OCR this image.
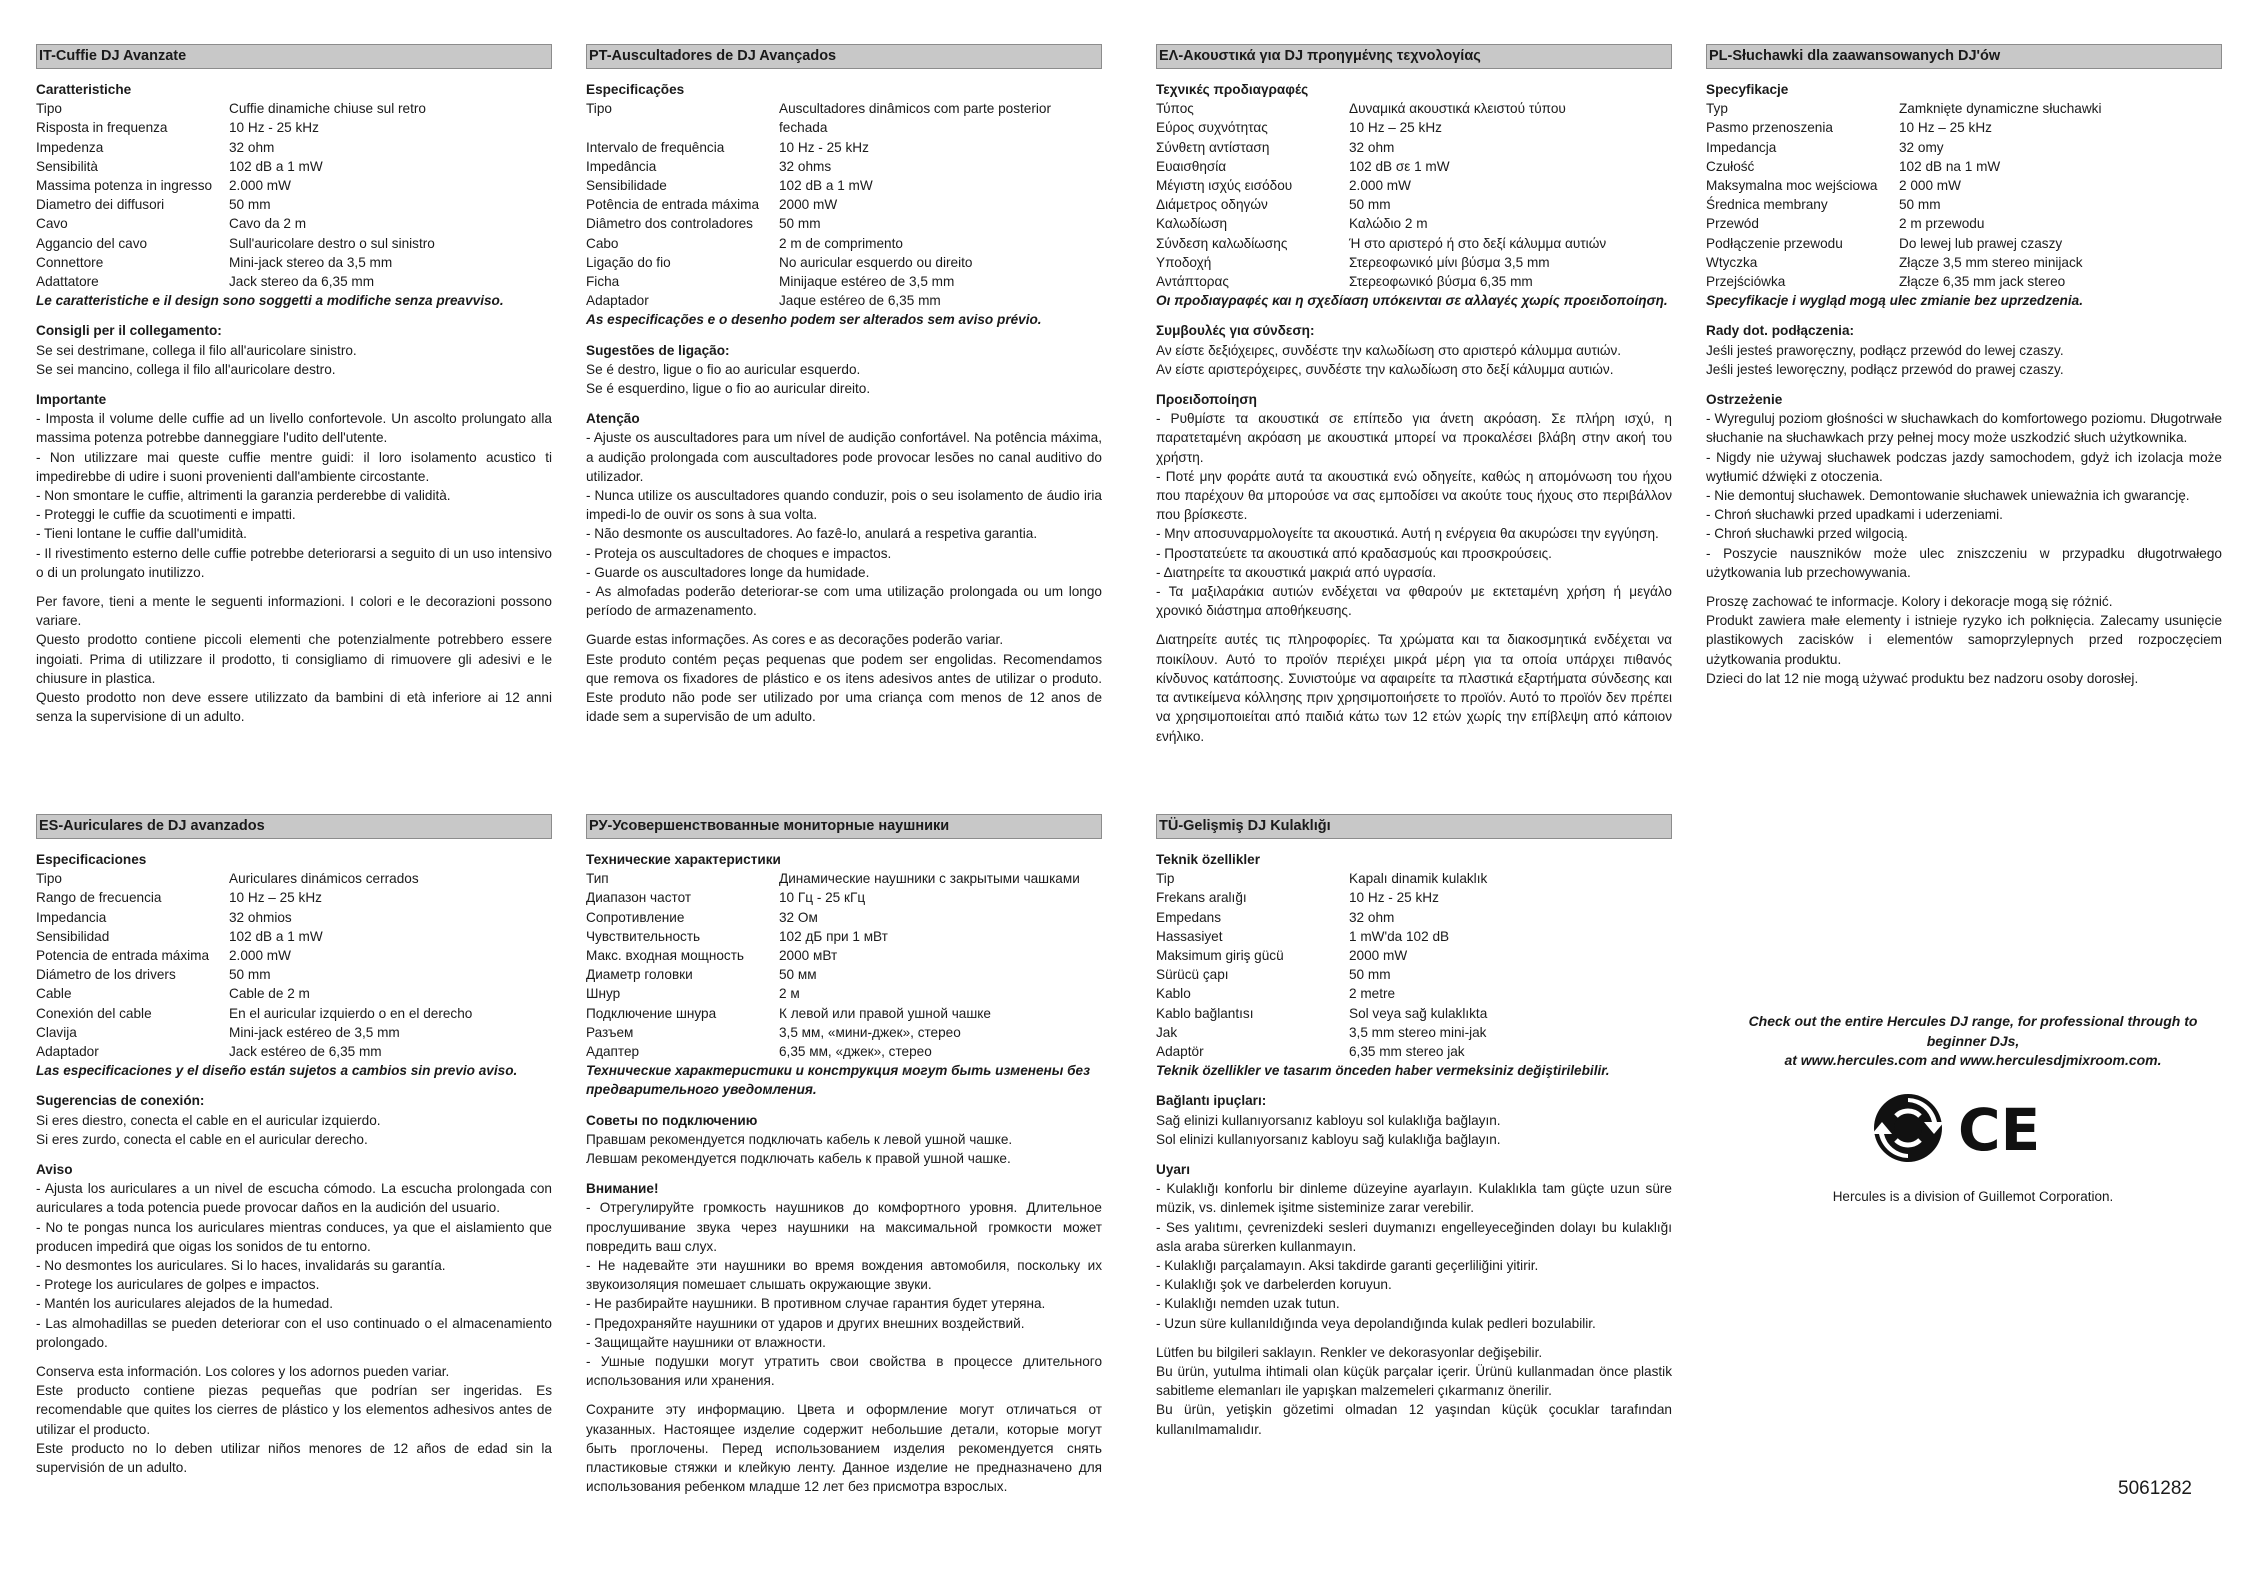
IT-Cuffie DJ Avanzate
Caratteristiche
Tipo	Cuffie dinamiche chiuse sul retro
Risposta in frequenza	10 Hz - 25 kHz
Impedenza	32 ohm
Sensibilità	102 dB a 1 mW
Massima potenza in ingresso	2.000 mW
Diametro dei diffusori	50 mm
Cavo	Cavo da 2 m
Aggancio del cavo	Sull'auricolare destro o sul sinistro
Connettore	Mini-jack stereo da 3,5 mm
Adattatore	Jack stereo da 6,35 mm
Le caratteristiche e il design sono soggetti a modifiche senza preavviso.
Consigli per il collegamento:
Se sei destrimane, collega il filo all'auricolare sinistro.
Se sei mancino, collega il filo all'auricolare destro.
Importante
- Imposta il volume delle cuffie ad un livello confortevole. Un ascolto prolungato alla massima potenza potrebbe danneggiare l'udito dell'utente.
- Non utilizzare mai queste cuffie mentre guidi: il loro isolamento acustico ti impedirebbe di udire i suoni provenienti dall'ambiente circostante.
- Non smontare le cuffie, altrimenti la garanzia perderebbe di validità.
- Proteggi le cuffie da scuotimenti e impatti.
- Tieni lontane le cuffie dall'umidità.
- Il rivestimento esterno delle cuffie potrebbe deteriorarsi a seguito di un uso intensivo o di un prolungato inutilizzo.
Per favore, tieni a mente le seguenti informazioni. I colori e le decorazioni possono variare.
Questo prodotto contiene piccoli elementi che potenzialmente potrebbero essere ingoiati. Prima di utilizzare il prodotto, ti consigliamo di rimuovere gli adesivi e le chiusure in plastica.
Questo prodotto non deve essere utilizzato da bambini di età inferiore ai 12 anni senza la supervisione di un adulto.
PT-Auscultadores de DJ Avançados
Especificações
Tipo	Auscultadores dinâmicos com parte posterior fechada
Intervalo de frequência	10 Hz - 25 kHz
Impedância	32 ohms
Sensibilidade	102 dB a 1 mW
Potência de entrada máxima	2000 mW
Diâmetro dos controladores	50 mm
Cabo	2 m de comprimento
Ligação do fio	No auricular esquerdo ou direito
Ficha	Minijaque estéreo de 3,5 mm
Adaptador	Jaque estéreo de 6,35 mm
As especificações e o desenho podem ser alterados sem aviso prévio.
Sugestões de ligação:
Se é destro, ligue o fio ao auricular esquerdo.
Se é esquerdino, ligue o fio ao auricular direito.
Atenção
- Ajuste os auscultadores para um nível de audição confortável. Na potência máxima, a audição prolongada com auscultadores pode provocar lesões no canal auditivo do utilizador.
- Nunca utilize os auscultadores quando conduzir, pois o seu isolamento de áudio iria impedi-lo de ouvir os sons à sua volta.
- Não desmonte os auscultadores. Ao fazê-lo, anulará a respetiva garantia.
- Proteja os auscultadores de choques e impactos.
- Guarde os auscultadores longe da humidade.
- As almofadas poderão deteriorar-se com uma utilização prolongada ou um longo período de armazenamento.
Guarde estas informações. As cores e as decorações poderão variar.
Este produto contém peças pequenas que podem ser engolidas. Recomendamos que remova os fixadores de plástico e os itens adesivos antes de utilizar o produto. Este produto não pode ser utilizado por uma criança com menos de 12 anos de idade sem a supervisão de um adulto.
ΕΛ-Ακουστικά για DJ προηγμένης τεχνολογίας
Τεχνικές προδιαγραφές
Τύπος	Δυναμικά ακουστικά κλειστού τύπου
Εύρος συχνότητας	10 Hz – 25 kHz
Σύνθετη αντίσταση	32 ohm
Ευαισθησία	102 dB σε 1 mW
Μέγιστη ισχύς εισόδου	2.000 mW
Διάμετρος οδηγών	50 mm
Καλωδίωση	Καλώδιο 2 m
Σύνδεση καλωδίωσης	Ή στο αριστερό ή στο δεξί κάλυμμα αυτιών
Υποδοχή	Στερεοφωνικό μίνι βύσμα 3,5 mm
Αντάπτορας	Στερεοφωνικό βύσμα 6,35 mm
Οι προδιαγραφές και η σχεδίαση υπόκεινται σε αλλαγές χωρίς προειδοποίηση.
Συμβουλές για σύνδεση:
Αν είστε δεξιόχειρες, συνδέστε την καλωδίωση στο αριστερό κάλυμμα αυτιών.
Αν είστε αριστερόχειρες, συνδέστε την καλωδίωση στο δεξί κάλυμμα αυτιών.
Προειδοποίηση
- Ρυθμίστε τα ακουστικά σε επίπεδο για άνετη ακρόαση. Σε πλήρη ισχύ, η παρατεταμένη ακρόαση με ακουστικά μπορεί να προκαλέσει βλάβη στην ακοή του χρήστη.
- Ποτέ μην φοράτε αυτά τα ακουστικά ενώ οδηγείτε, καθώς η απομόνωση του ήχου που παρέχουν θα μπορούσε να σας εμποδίσει να ακούτε τους ήχους στο περιβάλλον που βρίσκεστε.
- Μην αποσυναρμολογείτε τα ακουστικά. Αυτή η ενέργεια θα ακυρώσει την εγγύηση.
- Προστατεύετε τα ακουστικά από κραδασμούς και προσκρούσεις.
- Διατηρείτε τα ακουστικά μακριά από υγρασία.
- Τα μαξιλαράκια αυτιών ενδέχεται να φθαρούν με εκτεταμένη χρήση ή μεγάλο χρονικό διάστημα αποθήκευσης.
Διατηρείτε αυτές τις πληροφορίες. Τα χρώματα και τα διακοσμητικά ενδέχεται να ποικίλουν. Αυτό το προϊόν περιέχει μικρά μέρη για τα οποία υπάρχει πιθανός κίνδυνος κατάποσης. Συνιστούμε να αφαιρείτε τα πλαστικά εξαρτήματα σύνδεσης και τα αντικείμενα κόλλησης πριν χρησιμοποιήσετε το προϊόν. Αυτό το προϊόν δεν πρέπει να χρησιμοποιείται από παιδιά κάτω των 12 ετών χωρίς την επίβλεψη από κάποιον ενήλικο.
PL-Słuchawki dla zaawansowanych DJ'ów
Specyfikacje
Typ	Zamknięte dynamiczne słuchawki
Pasmo przenoszenia	10 Hz – 25 kHz
Impedancja	32 omy
Czułość	102 dB na 1 mW
Maksymalna moc wejściowa	2 000 mW
Średnica membrany	50 mm
Przewód	2 m przewodu
Podłączenie przewodu	Do lewej lub prawej czaszy
Wtyczka	Złącze 3,5 mm stereo minijack
Przejściówka	Złącze 6,35 mm jack stereo
Specyfikacje i wygląd mogą ulec zmianie bez uprzedzenia.
Rady dot. podłączenia:
Jeśli jesteś praworęczny, podłącz przewód do lewej czaszy.
Jeśli jesteś leworęczny, podłącz przewód do prawej czaszy.
Ostrzeżenie
- Wyreguluj poziom głośności w słuchawkach do komfortowego poziomu. Długotrwałe słuchanie na słuchawkach przy pełnej mocy może uszkodzić słuch użytkownika.
- Nigdy nie używaj słuchawek podczas jazdy samochodem, gdyż ich izolacja może wytłumić dźwięki z otoczenia.
- Nie demontuj słuchawek. Demontowanie słuchawek unieważnia ich gwarancję.
- Chroń słuchawki przed upadkami i uderzeniami.
- Chroń słuchawki przed wilgocią.
- Poszycie nauszników może ulec zniszczeniu w przypadku długotrwałego użytkowania lub przechowywania.
Proszę zachować te informacje. Kolory i dekoracje mogą się różnić.
Produkt zawiera małe elementy i istnieje ryzyko ich połknięcia. Zalecamy usunięcie plastikowych zacisków i elementów samoprzylepnych przed rozpoczęciem użytkowania produktu.
Dzieci do lat 12 nie mogą używać produktu bez nadzoru osoby dorosłej.
ES-Auriculares de DJ avanzados
Especificaciones
Tipo	Auriculares dinámicos cerrados
Rango de frecuencia	10 Hz – 25 kHz
Impedancia	32 ohmios
Sensibilidad	102 dB a 1 mW
Potencia de entrada máxima	2.000 mW
Diámetro de los drivers	50 mm
Cable	Cable de 2 m
Conexión del cable	En el auricular izquierdo o en el derecho
Clavija	Mini-jack estéreo de 3,5 mm
Adaptador	Jack estéreo de 6,35 mm
Las especificaciones y el diseño están sujetos a cambios sin previo aviso.
Sugerencias de conexión:
Si eres diestro, conecta el cable en el auricular izquierdo.
Si eres zurdo, conecta el cable en el auricular derecho.
Aviso
- Ajusta los auriculares a un nivel de escucha cómodo. La escucha prolongada con auriculares a toda potencia puede provocar daños en la audición del usuario.
- No te pongas nunca los auriculares mientras conduces, ya que el aislamiento que producen impedirá que oigas los sonidos de tu entorno.
- No desmontes los auriculares. Si lo haces, invalidarás su garantía.
- Protege los auriculares de golpes e impactos.
- Mantén los auriculares alejados de la humedad.
- Las almohadillas se pueden deteriorar con el uso continuado o el almacenamiento prolongado.
Conserva esta información. Los colores y los adornos pueden variar.
Este producto contiene piezas pequeñas que podrían ser ingeridas. Es recomendable que quites los cierres de plástico y los elementos adhesivos antes de utilizar el producto.
Este producto no lo deben utilizar niños menores de 12 años de edad sin la supervisión de un adulto.
РУ-Усовершенствованные мониторные наушники
Технические характеристики
Тип	Динамические наушники с закрытыми чашками
Диапазон частот	10 Гц - 25 кГц
Сопротивление	32 Ом
Чувствительность	102 дБ при 1 мВт
Макс. входная мощность	2000 мВт
Диаметр головки	50 мм
Шнур	2 м
Подключение шнура	К левой или правой ушной чашке
Разъем	3,5 мм, «мини-джек», стерео
Адаптер	6,35 мм, «джек», стерео
Технические характеристики и конструкция могут быть изменены без предварительного уведомления.
Советы по подключению
Правшам рекомендуется подключать кабель к левой ушной чашке.
Левшам рекомендуется подключать кабель к правой ушной чашке.
Внимание!
- Отрегулируйте громкость наушников до комфортного уровня. Длительное прослушивание звука через наушники на максимальной громкости может повредить ваш слух.
- Не надевайте эти наушники во время вождения автомобиля, поскольку их звукоизоляция помешает слышать окружающие звуки.
- Не разбирайте наушники. В противном случае гарантия будет утеряна.
- Предохраняйте наушники от ударов и других внешних воздействий.
- Защищайте наушники от влажности.
- Ушные подушки могут утратить свои свойства в процессе длительного использования или хранения.
Сохраните эту информацию. Цвета и оформление могут отличаться от указанных. Настоящее изделие содержит небольшие детали, которые могут быть проглочены. Перед использованием изделия рекомендуется снять пластиковые стяжки и клейкую ленту. Данное изделие не предназначено для использования ребенком младше 12 лет без присмотра взрослых.
TÜ-Gelişmiş DJ Kulaklığı
Teknik özellikler
Tip	Kapalı dinamik kulaklık
Frekans aralığı	10 Hz - 25 kHz
Empedans	32 ohm
Hassasiyet	1 mW'da 102 dB
Maksimum giriş gücü	2000 mW
Sürücü çapı	50 mm
Kablo	2 metre
Kablo bağlantısı	Sol veya sağ kulaklıkta
Jak	3,5 mm stereo mini-jak
Adaptör	6,35 mm stereo jak
Teknik özellikler ve tasarım önceden haber vermeksiniz değiştirilebilir.
Bağlantı ipuçları:
Sağ elinizi kullanıyorsanız kabloyu sol kulaklığa bağlayın.
Sol elinizi kullanıyorsanız kabloyu sağ kulaklığa bağlayın.
Uyarı
- Kulaklığı konforlu bir dinleme düzeyine ayarlayın. Kulaklıkla tam güçte uzun süre müzik, vs. dinlemek işitme sisteminize zarar verebilir.
- Ses yalıtımı, çevrenizdeki sesleri duymanızı engelleyeceğinden dolayı bu kulaklığı asla araba sürerken kullanmayın.
- Kulaklığı parçalamayın. Aksi takdirde garanti geçerliliğini yitirir.
- Kulaklığı şok ve darbelerden koruyun.
- Kulaklığı nemden uzak tutun.
- Uzun süre kullanıldığında veya depolandığında kulak pedleri bozulabilir.
Lütfen bu bilgileri saklayın. Renkler ve dekorasyonlar değişebilir.
Bu ürün, yutulma ihtimali olan küçük parçalar içerir. Ürünü kullanmadan önce plastik sabitleme elemanları ile yapışkan malzemeleri çıkarmanız önerilir.
Bu ürün, yetişkin gözetimi olmadan 12 yaşından küçük çocuklar tarafından kullanılmamalıdır.
Check out the entire Hercules DJ range, for professional through to
beginner DJs,
at www.hercules.com and www.herculesdjmixroom.com.
CE
Hercules is a division of Guillemot Corporation.
5061282
